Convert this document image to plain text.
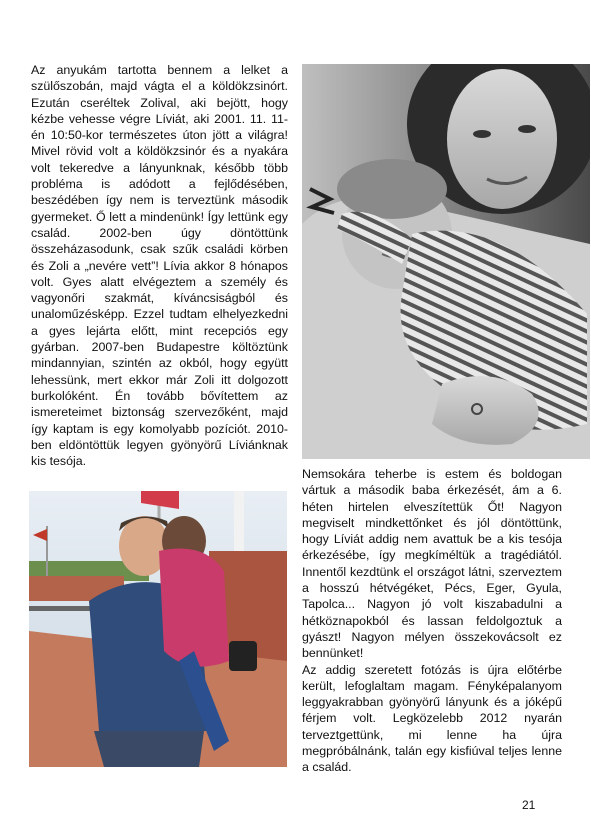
Az anyukám tartotta bennem a lelket a szülőszobán, majd vágta el a köldökzsinórt. Ezután cseréltek Zolival, aki bejött, hogy kézbe vehesse végre Líviát, aki 2001. 11. 11-én 10:50-kor természetes úton jött a világra! Mivel rövid volt a köldökzsinór és a nyakára volt tekeredve a lányunknak, később több probléma is adódott a fejlődésében, beszédében így nem is terveztünk második gyermeket. Ő lett a mindenünk! Így lettünk egy család. 2002-ben úgy döntöttünk összeházasodunk, csak szűk családi körben és Zoli a „nevére vett”! Lívia akkor 8 hónapos volt. Gyes alatt elvégeztem a személy és vagyonőri szakmát, kíváncsiságból és unaloműzésképp. Ezzel tudtam elhelyezkedni a gyes lejárta előtt, mint recepciós egy gyárban. 2007-ben Budapestre költöztünk mindannyian, szintén az okból, hogy együtt lehessünk, mert ekkor már Zoli itt dolgozott burkolóként. Én tovább bővítettem az ismereteimet biztonság szervezőként, majd így kaptam is egy komolyabb pozíciót. 2010-ben eldöntöttük legyen gyönyörű Líviánknak kis tesója.

Nemsokára teherbe is estem és boldogan vártuk a második baba érkezését, ám a 6. héten hirtelen elveszítettük Őt! Nagyon megviselt mindkettőnket és jól döntöttünk, hogy Líviát addig nem avattuk be a kis tesója érkezésébe, így megkíméltük a tragédiától. Innentől kezdtünk el országot látni, szerveztem a hosszú hétvégéket, Pécs, Eger, Gyula, Tapolca... Nagyon jó volt kiszabadulni a hétköznapokból és lassan feldolgoztuk a gyászt! Nagyon mélyen összekovácsolt ez bennünket!

Az addig szeretett fotózás is újra előtérbe került, lefoglaltam magam. Fényképalanyom leggyakrabban gyönyörű lányunk és a jóképű férjem volt. Legközelebb 2012 nyarán terveztgettünk, mi lenne ha újra megpróbálnánk, talán egy kisfiúval teljes lenne a család.

21
